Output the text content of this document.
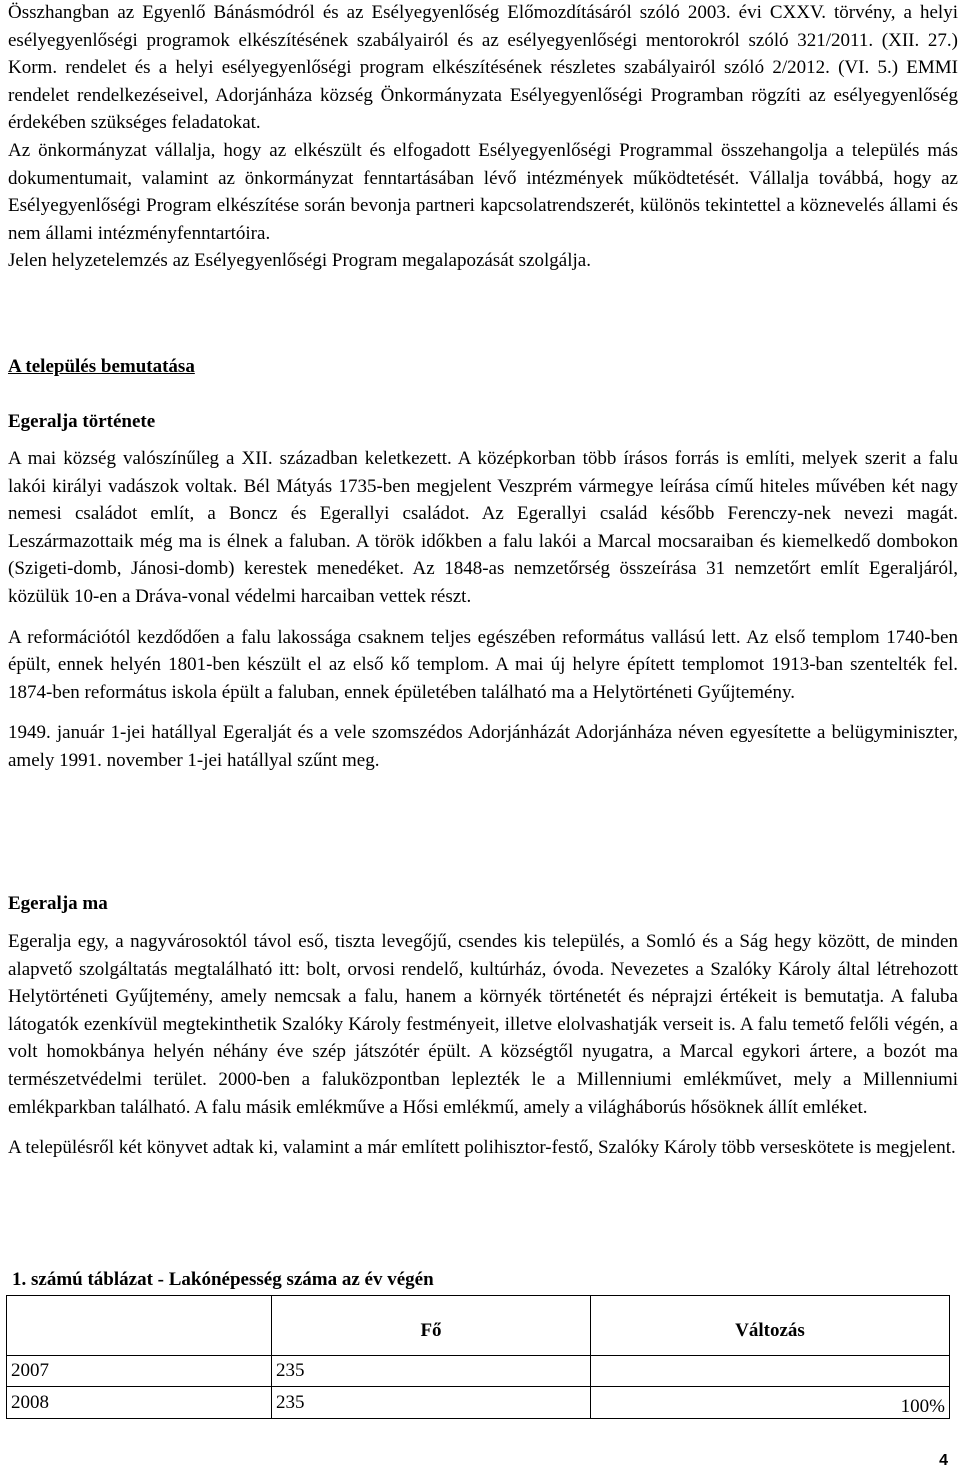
Összhangban az Egyenlő Bánásmódról és az Esélyegyenlőség Előmozdításáról szóló 2003. évi CXXV. törvény, a helyi esélyegyenlőségi programok elkészítésének szabályairól és az esélyegyenlőségi mentorokról szóló 321/2011. (XII. 27.) Korm. rendelet és a helyi esélyegyenlőségi program elkészítésének részletes szabályairól szóló 2/2012. (VI. 5.) EMMI rendelet rendelkezéseivel, Adorjánháza község Önkormányzata Esélyegyenlőségi Programban rögzíti az esélyegyenlőség érdekében szükséges feladatokat.

Az önkormányzat vállalja, hogy az elkészült és elfogadott Esélyegyenlőségi Programmal összehangolja a település más dokumentumait, valamint az önkormányzat fenntartásában lévő intézmények működtetését. Vállalja továbbá, hogy az Esélyegyenlőségi Program elkészítése során bevonja partneri kapcsolatrendszerét, különös tekintettel a köznevelés állami és nem állami intézményfenntartóira.

Jelen helyzetelemzés az Esélyegyenlőségi Program megalapozását szolgálja.

A település bemutatása

Egeralja története

A mai község valószínűleg a XII. században keletkezett. A középkorban több írásos forrás is említi, melyek szerit a falu lakói királyi vadászok voltak. Bél Mátyás 1735-ben megjelent Veszprém vármegye leírása című hiteles művében két nagy nemesi családot említ, a Boncz és Egerallyi családot. Az Egerallyi család később Ferenczy-nek nevezi magát. Leszármazottaik még ma is élnek a faluban. A török időkben a falu lakói a Marcal mocsaraiban és kiemelkedő dombokon (Szigeti-domb, Jánosi-domb) kerestek menedéket. Az 1848-as nemzetőrség összeírása 31 nemzetőrt említ Egeraljáról, közülük 10-en a Dráva-vonal védelmi harcaiban vettek részt.

A reformációtól kezdődően a falu lakossága csaknem teljes egészében református vallású lett. Az első templom 1740-ben épült, ennek helyén 1801-ben készült el az első kő templom. A mai új helyre épített templomot 1913-ban szentelték fel. 1874-ben református iskola épült a faluban, ennek épületében található ma a Helytörténeti Gyűjtemény.

1949. január 1-jei hatállyal Egeralját és a vele szomszédos Adorjánházát Adorjánháza néven egyesítette a belügyminiszter, amely 1991. november 1-jei hatállyal szűnt meg.

Egeralja ma

Egeralja egy, a nagyvárosoktól távol eső, tiszta levegőjű, csendes kis település, a Somló és a Ság hegy között, de minden alapvető szolgáltatás megtalálható itt: bolt, orvosi rendelő, kultúrház, óvoda. Nevezetes a Szalóky Károly által létrehozott Helytörténeti Gyűjtemény, amely nemcsak a falu, hanem a környék történetét és néprajzi értékeit is bemutatja. A faluba látogatók ezenkívül megtekinthetik Szalóky Károly festményeit, illetve elolvashatják verseit is. A falu temető felőli végén, a volt homokbánya helyén néhány éve szép játszótér épült. A községtől nyugatra, a Marcal egykori ártere, a bozót ma természetvédelmi terület. 2000-ben a faluközpontban leplezték le a Millenniumi emlékművet, mely a Millenniumi emlékparkban található. A falu másik emlékműve a Hősi emlékmű, amely a világháborús hősöknek állít emléket.

A településről két könyvet adtak ki, valamint a már említett polihisztor-festő, Szalóky Károly több verseskötete is megjelent.

1. számú táblázat - Lakónépesség száma az év végén

	Fő	Változás
2007	235	
2008	235	100%
4
